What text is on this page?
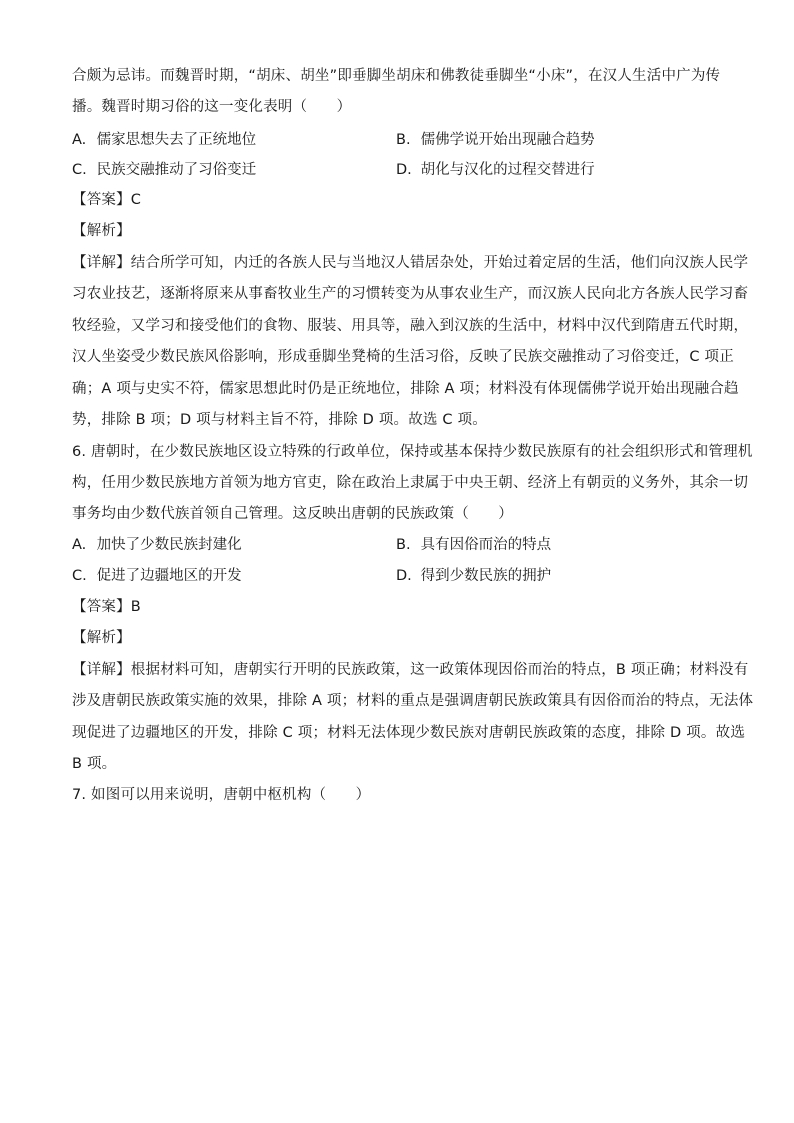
合颇为忌讳。而魏晋时期，“胡床、胡坐”即垂脚坐胡床和佛教徒垂脚坐“小床”，在汉人生活中广为传
播。魏晋时期习俗的这一变化表明（　　）
A. 儒家思想失去了正统地位	B. 儒佛学说开始出现融合趋势
C. 民族交融推动了习俗变迁	D. 胡化与汉化的过程交替进行
【答案】C
【解析】
【详解】结合所学可知，内迁的各族人民与当地汉人错居杂处，开始过着定居的生活，他们向汉族人民学
习农业技艺，逐渐将原来从事畜牧业生产的习惯转变为从事农业生产，而汉族人民向北方各族人民学习畜
牧经验，又学习和接受他们的食物、服装、用具等，融入到汉族的生活中，材料中汉代到隋唐五代时期，
汉人坐姿受少数民族风俗影响，形成垂脚坐凳椅的生活习俗，反映了民族交融推动了习俗变迁，C 项正
确；A 项与史实不符，儒家思想此时仍是正统地位，排除 A 项；材料没有体现儒佛学说开始出现融合趋
势，排除 B 项；D 项与材料主旨不符，排除 D 项。故选 C 项。
6. 唐朝时，在少数民族地区设立特殊的行政单位，保持或基本保持少数民族原有的社会组织形式和管理机
构，任用少数民族地方首领为地方官吏，除在政治上隶属于中央王朝、经济上有朝贡的义务外，其余一切
事务均由少数代族首领自己管理。这反映出唐朝的民族政策（　　）
A. 加快了少数民族封建化	B. 具有因俗而治的特点
C. 促进了边疆地区的开发	D. 得到少数民族的拥护
【答案】B
【解析】
【详解】根据材料可知，唐朝实行开明的民族政策，这一政策体现因俗而治的特点，B 项正确；材料没有
涉及唐朝民族政策实施的效果，排除 A 项；材料的重点是强调唐朝民族政策具有因俗而治的特点，无法体
现促进了边疆地区的开发，排除 C 项；材料无法体现少数民族对唐朝民族政策的态度，排除 D 项。故选
B 项。
7. 如图可以用来说明，唐朝中枢机构（　　）
